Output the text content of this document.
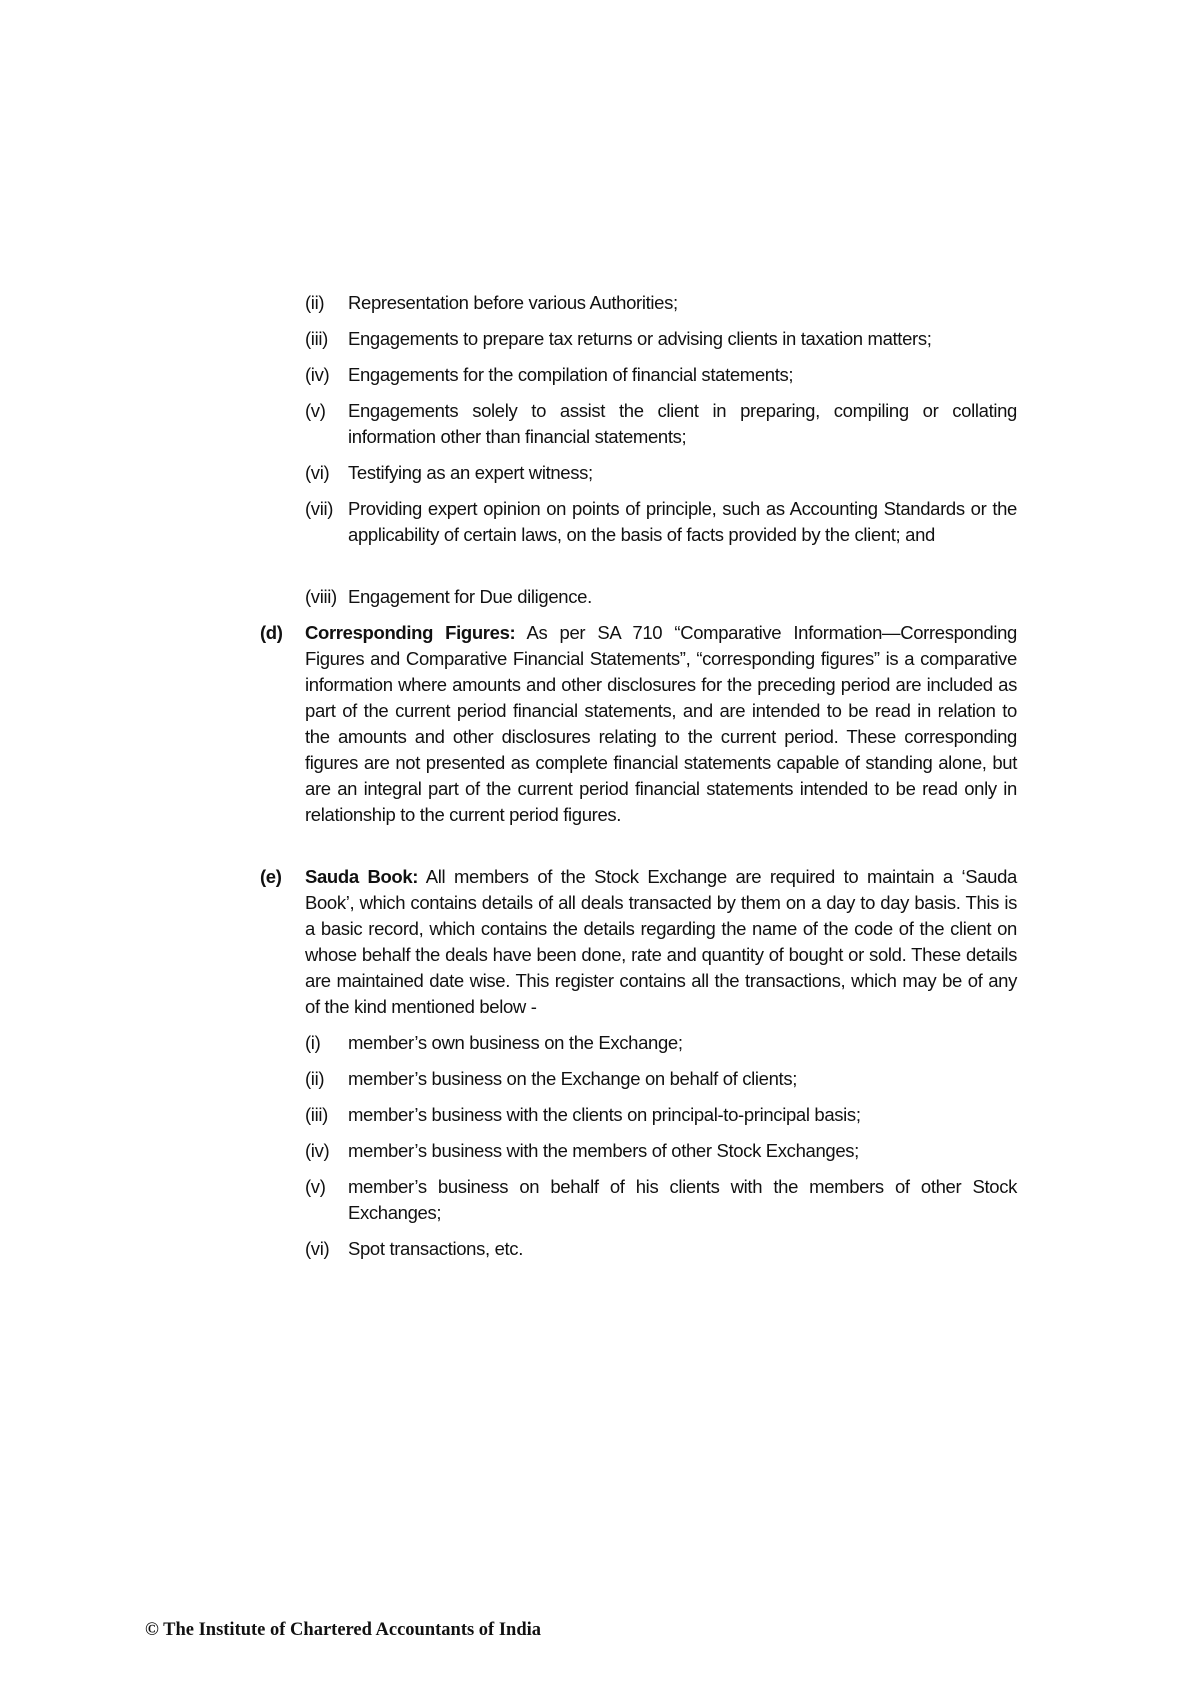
(ii) Representation before various Authorities;
(iii) Engagements to prepare tax returns or advising clients in taxation matters;
(iv) Engagements for the compilation of financial statements;
(v) Engagements solely to assist the client in preparing, compiling or collating information other than financial statements;
(vi) Testifying as an expert witness;
(vii) Providing expert opinion on points of principle, such as Accounting Standards or the applicability of certain laws, on the basis of facts provided by the client; and
(viii) Engagement for Due diligence.
(d) Corresponding Figures: As per SA 710 “Comparative Information—Corresponding Figures and Comparative Financial Statements”, “corresponding figures” is a comparative information where amounts and other disclosures for the preceding period are included as part of the current period financial statements, and are intended to be read in relation to the amounts and other disclosures relating to the current period. These corresponding figures are not presented as complete financial statements capable of standing alone, but are an integral part of the current period financial statements intended to be read only in relationship to the current period figures.
(e) Sauda Book: All members of the Stock Exchange are required to maintain a ‘Sauda Book’, which contains details of all deals transacted by them on a day to day basis. This is a basic record, which contains the details regarding the name of the code of the client on whose behalf the deals have been done, rate and quantity of bought or sold. These details are maintained date wise. This register contains all the transactions, which may be of any of the kind mentioned below -
(i) member’s own business on the Exchange;
(ii) member’s business on the Exchange on behalf of clients;
(iii) member’s business with the clients on principal-to-principal basis;
(iv) member’s business with the members of other Stock Exchanges;
(v) member’s business on behalf of his clients with the members of other Stock Exchanges;
(vi) Spot transactions, etc.
© The Institute of Chartered Accountants of India
